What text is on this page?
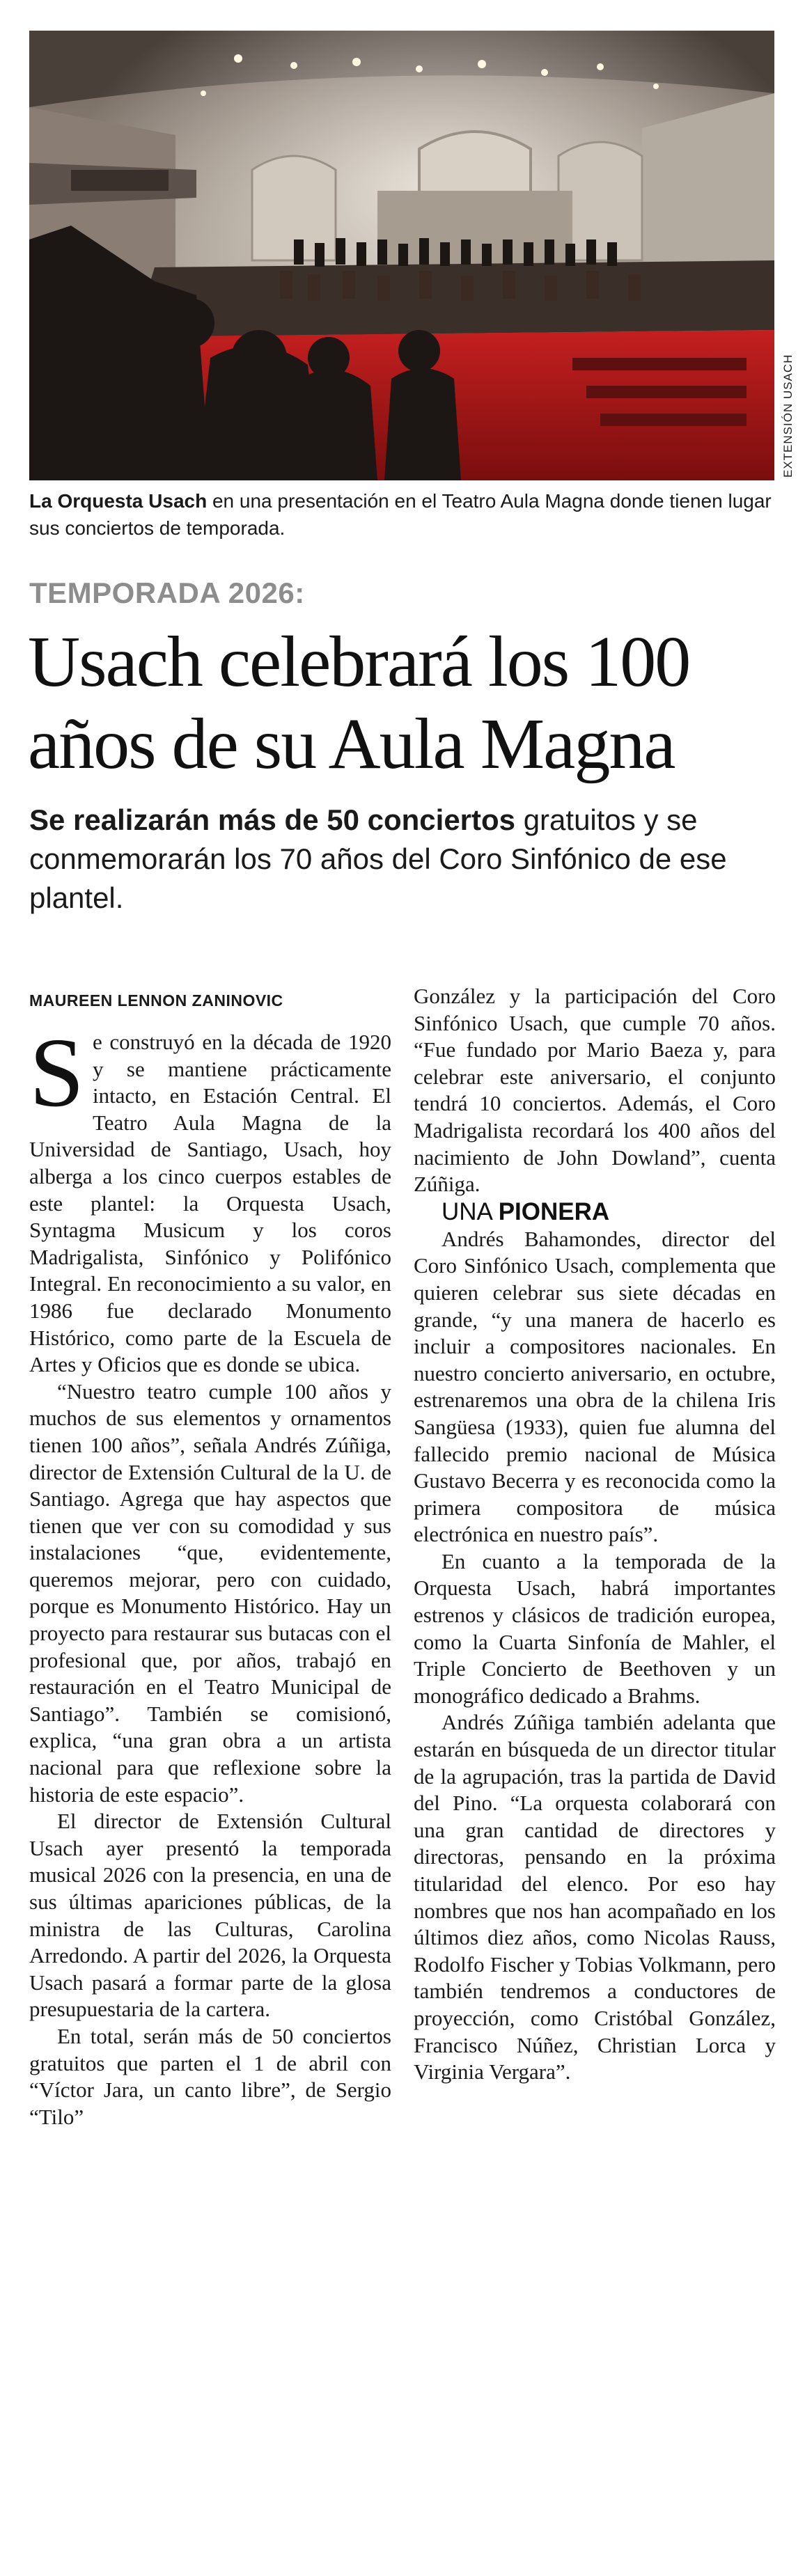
EXTENSIÓN USACH
La Orquesta Usach en una presentación en el Teatro Aula Magna donde tienen lugar sus conciertos de temporada.
TEMPORADA 2026:
Usach celebrará los 100 años de su Aula Magna
Se realizarán más de 50 conciertos gratuitos y se conmemorarán los 70 años del Coro Sinfónico de ese plantel.
MAUREEN LENNON ZANINOVIC

Se construyó en la década de 1920 y se mantiene prácticamente intacto, en Estación Central. El Teatro Aula Magna de la Universidad de Santiago, Usach, hoy alberga a los cinco cuerpos estables de este plantel: la Orquesta Usach, Syntagma Musicum y los coros Madrigalista, Sinfónico y Polifónico Integral. En reconocimiento a su valor, en 1986 fue declarado Monumento Histórico, como parte de la Escuela de Artes y Oficios que es donde se ubica.

“Nuestro teatro cumple 100 años y muchos de sus elementos y ornamentos tienen 100 años”, señala Andrés Zúñiga, director de Extensión Cultural de la U. de Santiago. Agrega que hay aspectos que tienen que ver con su comodidad y sus instalaciones “que, evidentemente, queremos mejorar, pero con cuidado, porque es Monumento Histórico. Hay un proyecto para restaurar sus butacas con el profesional que, por años, trabajó en restauración en el Teatro Municipal de Santiago”. También se comisionó, explica, “una gran obra a un artista nacional para que reflexione sobre la historia de este espacio”.

El director de Extensión Cultural Usach ayer presentó la temporada musical 2026 con la presencia, en una de sus últimas apariciones públicas, de la ministra de las Culturas, Carolina Arredondo. A partir del 2026, la Orquesta Usach pasará a formar parte de la glosa presupuestaria de la cartera.

En total, serán más de 50 conciertos gratuitos que parten el 1 de abril con “Víctor Jara, un canto libre”, de Sergio “Tilo”

González y la participación del Coro Sinfónico Usach, que cumple 70 años. “Fue fundado por Mario Baeza y, para celebrar este aniversario, el conjunto tendrá 10 conciertos. Además, el Coro Madrigalista recordará los 400 años del nacimiento de John Dowland”, cuenta Zúñiga.

UNA PIONERA

Andrés Bahamondes, director del Coro Sinfónico Usach, complementa que quieren celebrar sus siete décadas en grande, “y una manera de hacerlo es incluir a compositores nacionales. En nuestro concierto aniversario, en octubre, estrenaremos una obra de la chilena Iris Sangüesa (1933), quien fue alumna del fallecido premio nacional de Música Gustavo Becerra y es reconocida como la primera compositora de música electrónica en nuestro país”.

En cuanto a la temporada de la Orquesta Usach, habrá importantes estrenos y clásicos de tradición europea, como la Cuarta Sinfonía de Mahler, el Triple Concierto de Beethoven y un monográfico dedicado a Brahms.

Andrés Zúñiga también adelanta que estarán en búsqueda de un director titular de la agrupación, tras la partida de David del Pino. “La orquesta colaborará con una gran cantidad de directores y directoras, pensando en la próxima titularidad del elenco. Por eso hay nombres que nos han acompañado en los últimos diez años, como Nicolas Rauss, Rodolfo Fischer y Tobias Volkmann, pero también tendremos a conductores de proyección, como Cristóbal González, Francisco Núñez, Christian Lorca y Virginia Vergara”.
